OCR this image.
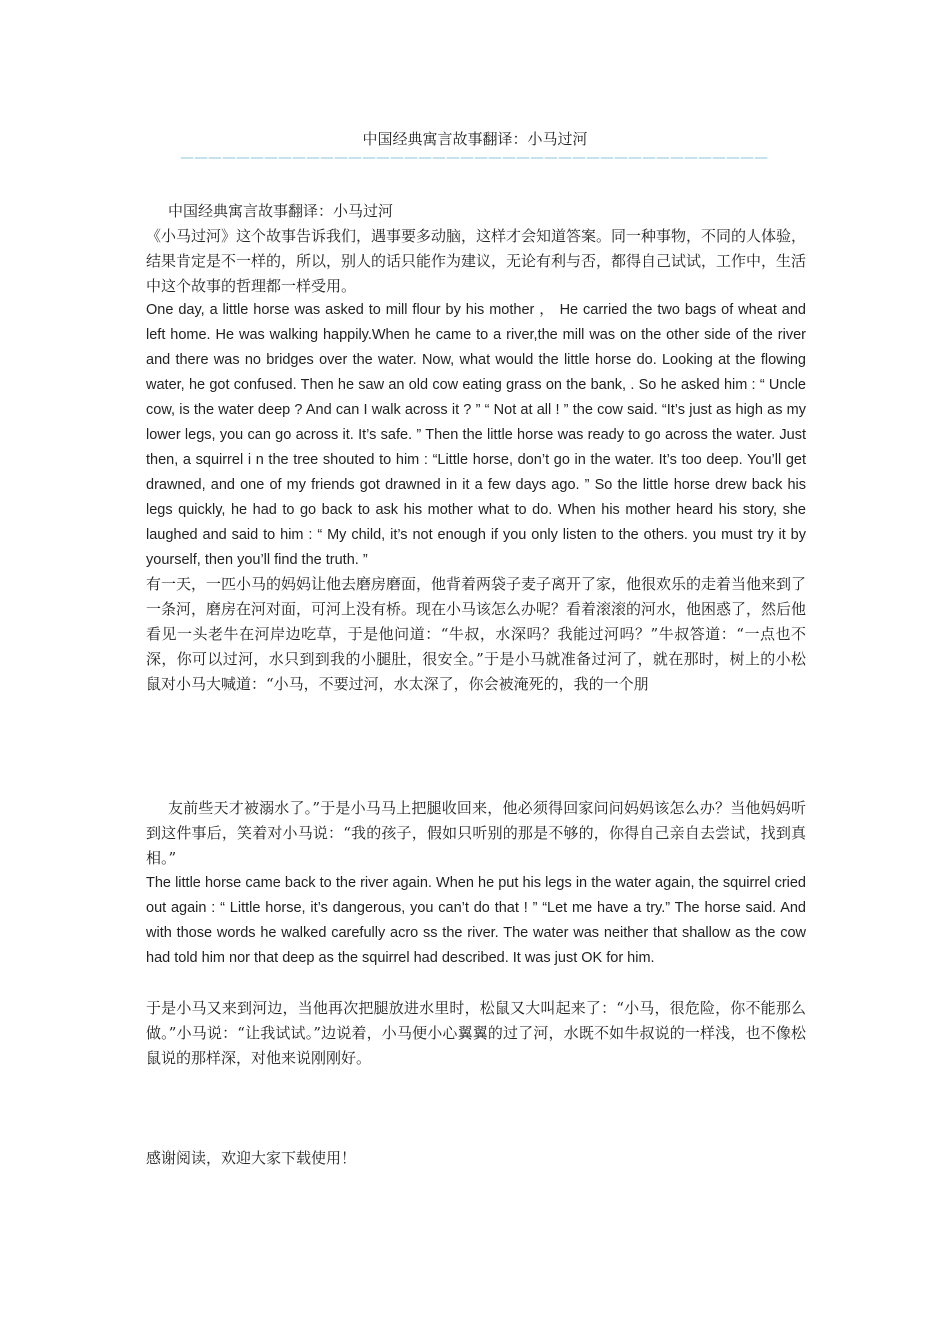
中国经典寓言故事翻译：小马过河
——————————————————————————————————————————

中国经典寓言故事翻译：小马过河

《小马过河》这个故事告诉我们，遇事要多动脑，这样才会知道答案。同一种事物，不同的人体验，结果肯定是不一样的，所以，别人的话只能作为建议，无论有利与否，都得自己试试，工作中，生活中这个故事的哲理都一样受用。

One day, a little horse was asked to mill flour by his mother ， He carried the two bags of wheat and left home. He was walking happily.When he came to a river,the mill was on the other side of the river and there was no bridges over the water. Now, what would the little horse do. Looking at the flowing water, he got confused. Then he saw an old cow eating grass on the bank, . So he asked him : “ Uncle cow, is the water deep ? And can I walk across it ? ” “ Not at all ! ” the cow said. “It’s just as high as my lower legs, you can go across it. It’s safe. ” Then the little horse was ready to go across the water. Just then, a squirrel i n the tree shouted to him : “Little horse, don’t go in the water. It’s too deep. You’ll get drawned, and one of my friends got drawned in it a few days ago. ” So the little horse drew back his legs quickly, he had to go back to ask his mother what to do. When his mother heard his story, she laughed and said to him : “ My child, it’s not enough if you only listen to the others. you must try it by yourself, then you’ll find the truth. ”

有一天，一匹小马的妈妈让他去磨房磨面，他背着两袋子麦子离开了家，他很欢乐的走着当他来到了一条河，磨房在河对面，可河上没有桥。现在小马该怎么办呢？看着滚滚的河水，他困惑了，然后他看见一头老牛在河岸边吃草，于是他问道：“牛叔，水深吗？我能过河吗？”牛叔答道：“一点也不深，你可以过河，水只到到我的小腿肚，很安全。”于是小马就准备过河了，就在那时，树上的小松鼠对小马大喊道：“小马，不要过河，水太深了，你会被淹死的，我的一个朋

友前些天才被溺水了。”于是小马马上把腿收回来，他必须得回家问问妈妈该怎么办？当他妈妈听到这件事后，笑着对小马说：“我的孩子，假如只听别的那是不够的，你得自己亲自去尝试，找到真相。”

The little horse came back to the river again. When he put his legs in the water again, the squirrel cried out again : “ Little horse, it’s dangerous, you can’t do that ! ” “Let me have a try.” The horse said. And with those words he walked carefully acro ss the river. The water was neither that shallow as the cow had told him nor that deep as the squirrel had described. It was just OK for him.

于是小马又来到河边，当他再次把腿放进水里时，松鼠又大叫起来了：“小马，很危险，你不能那么做。”小马说：“让我试试。”边说着，小马便小心翼翼的过了河，水既不如牛叔说的一样浅，也不像松鼠说的那样深，对他来说刚刚好。

感谢阅读，欢迎大家下载使用！
